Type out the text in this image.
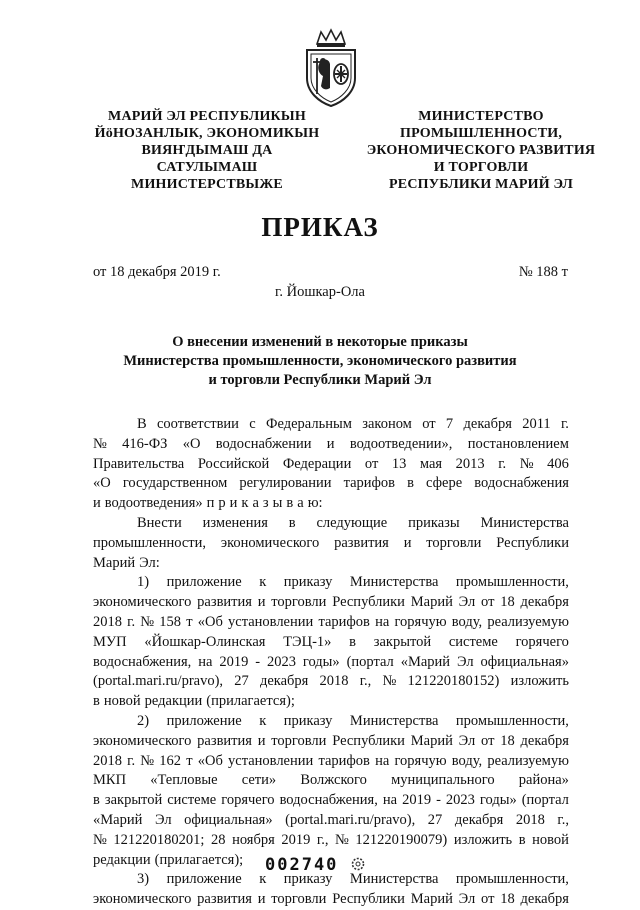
МАРИЙ ЭЛ РЕСПУБЛИКЫН
ЙӧНОЗАНЛЫК, ЭКОНОМИКЫН
ВИЯҤДЫМАШ ДА
САТУЛЫМАШ
МИНИСТЕРСТВЫЖЕ
МИНИСТЕРСТВО
ПРОМЫШЛЕННОСТИ,
ЭКОНОМИЧЕСКОГО РАЗВИТИЯ
И ТОРГОВЛИ
РЕСПУБЛИКИ МАРИЙ ЭЛ
ПРИКАЗ
от 18 декабря 2019 г.	№ 188 т
г. Йошкар-Ола
О внесении изменений в некоторые приказы
Министерства промышленности, экономического развития
и торговли Республики Марий Эл
В соответствии с Федеральным законом от 7 декабря 2011 г.
№ 416-ФЗ «О водоснабжении и водоотведении», постановлением
Правительства Российской Федерации от 13 мая 2013 г. № 406
«О государственном регулировании тарифов в сфере водоснабжения
и водоотведения» п р и к а з ы в а ю:
Внести изменения в следующие приказы Министерства
промышленности, экономического развития и торговли Республики
Марий Эл:
1) приложение к приказу Министерства промышленности,
экономического развития и торговли Республики Марий Эл от 18 декабря
2018 г. № 158 т «Об установлении тарифов на горячую воду, реализуемую
МУП «Йошкар-Олинская ТЭЦ-1» в закрытой системе горячего
водоснабжения, на 2019 - 2023 годы» (портал «Марий Эл официальная»
(portal.mari.ru/pravo), 27 декабря 2018 г., № 121220180152) изложить
в новой редакции (прилагается);
2) приложение к приказу Министерства промышленности,
экономического развития и торговли Республики Марий Эл от 18 декабря
2018 г. № 162 т «Об установлении тарифов на горячую воду, реализуемую
МКП «Тепловые сети» Волжского муниципального района»
в закрытой системе горячего водоснабжения, на 2019 - 2023 годы» (портал
«Марий Эл официальная» (portal.mari.ru/pravo), 27 декабря 2018 г.,
№ 121220180201; 28 ноября 2019 г., № 121220190079) изложить в новой
редакции (прилагается);
3) приложение к приказу Министерства промышленности,
экономического развития и торговли Республики Марий Эл от 18 декабря
002740
